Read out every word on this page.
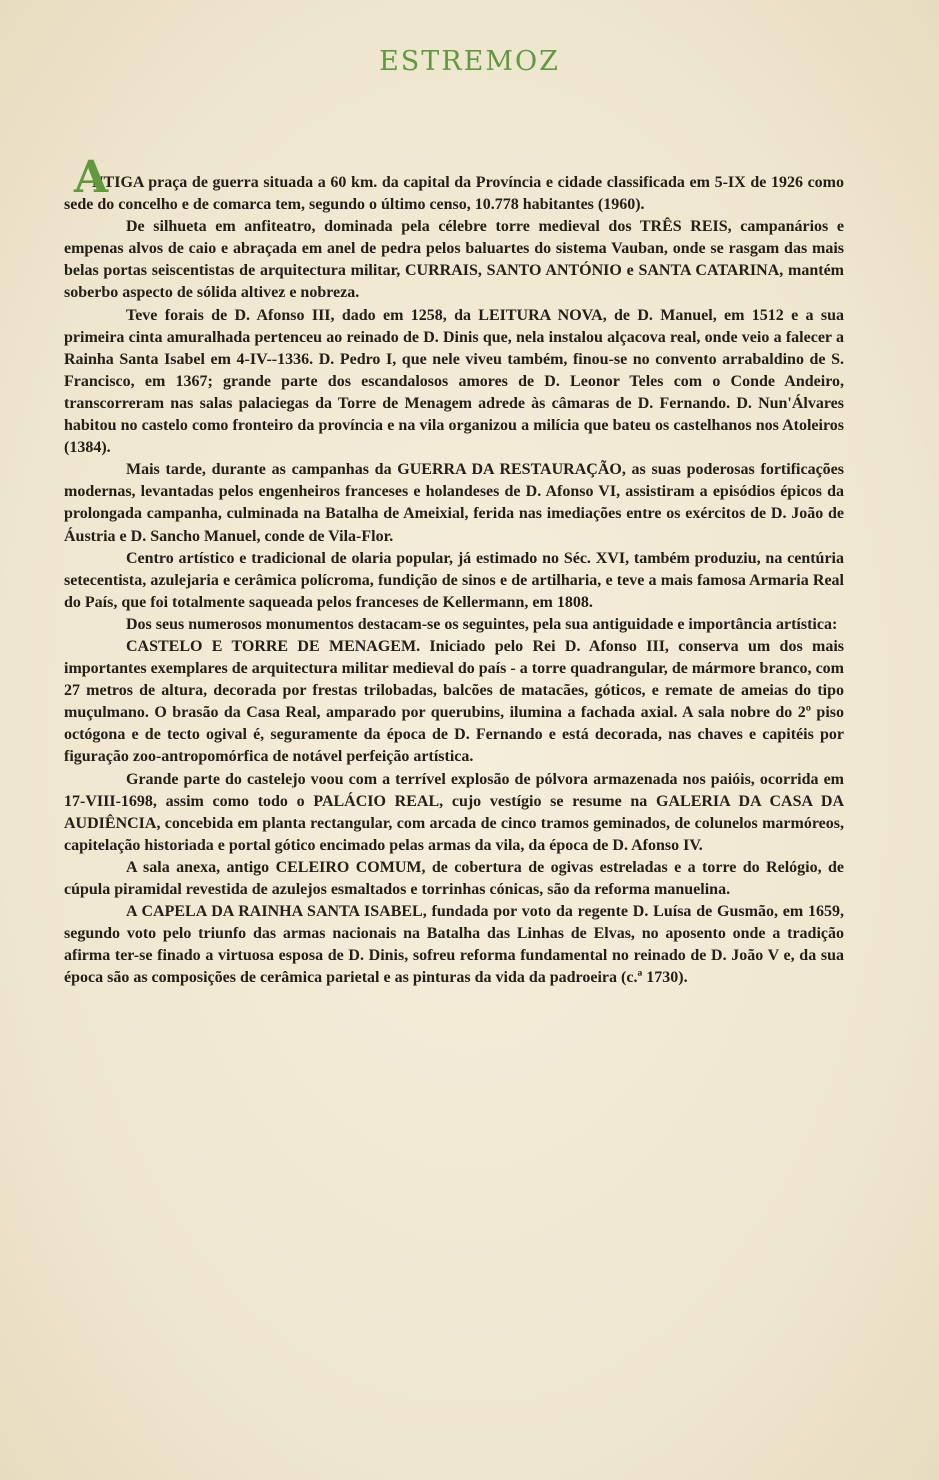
ESTREMOZ
A

NTIGA praça de guerra situada a 60 km. da capital da Província e cidade classificada em 5-IX de 1926 como sede do concelho e de comarca tem, segundo o último censo, 10.778 habitantes (1960).

De silhueta em anfiteatro, dominada pela célebre torre medieval dos TRÊS REIS, campanários e empenas alvos de caio e abraçada em anel de pedra pelos baluartes do sistema Vauban, onde se rasgam das mais belas portas seiscentistas de arquitectura militar, CURRAIS, SANTO ANTÓNIO e SANTA CATARINA, mantém soberbo aspecto de sólida altivez e nobreza.

Teve forais de D. Afonso III, dado em 1258, da LEITURA NOVA, de D. Manuel, em 1512 e a sua primeira cinta amuralhada pertenceu ao reinado de D. Dinis que, nela instalou alçacova real, onde veio a falecer a Rainha Santa Isabel em 4-IV--1336. D. Pedro I, que nele viveu também, finou-se no convento arrabaldino de S. Francisco, em 1367; grande parte dos escandalosos amores de D. Leonor Teles com o Conde Andeiro, transcorreram nas salas palaciegas da Torre de Menagem adrede às câmaras de D. Fernando. D. Nun'Álvares habitou no castelo como fronteiro da província e na vila organizou a milícia que bateu os castelhanos nos Atoleiros (1384).

Mais tarde, durante as campanhas da GUERRA DA RESTAURAÇÃO, as suas poderosas fortificações modernas, levantadas pelos engenheiros franceses e holandeses de D. Afonso VI, assistiram a episódios épicos da prolongada campanha, culminada na Batalha de Ameixial, ferida nas imediações entre os exércitos de D. João de Áustria e D. Sancho Manuel, conde de Vila-Flor.

Centro artístico e tradicional de olaria popular, já estimado no Séc. XVI, também produziu, na centúria setecentista, azulejaria e cerâmica polícroma, fundição de sinos e de artilharia, e teve a mais famosa Armaria Real do País, que foi totalmente saqueada pelos franceses de Kellermann, em 1808.

Dos seus numerosos monumentos destacam-se os seguintes, pela sua antiguidade e importância artística:

CASTELO E TORRE DE MENAGEM. Iniciado pelo Rei D. Afonso III, conserva um dos mais importantes exemplares de arquitectura militar medieval do país - a torre quadrangular, de mármore branco, com 27 metros de altura, decorada por frestas trilobadas, balcões de matacães, góticos, e remate de ameias do tipo muçulmano. O brasão da Casa Real, amparado por querubins, ilumina a fachada axial. A sala nobre do 2º piso octógona e de tecto ogival é, seguramente da época de D. Fernando e está decorada, nas chaves e capitéis por figuração zoo-antropomórfica de notável perfeição artística.

Grande parte do castelejo voou com a terrível explosão de pólvora armazenada nos paióis, ocorrida em 17-VIII-1698, assim como todo o PALÁCIO REAL, cujo vestígio se resume na GALERIA DA CASA DA AUDIÊNCIA, concebida em planta rectangular, com arcada de cinco tramos geminados, de colunelos marmóreos, capitelação historiada e portal gótico encimado pelas armas da vila, da época de D. Afonso IV.

A sala anexa, antigo CELEIRO COMUM, de cobertura de ogivas estreladas e a torre do Relógio, de cúpula piramidal revestida de azulejos esmaltados e torrinhas cónicas, são da reforma manuelina.

A CAPELA DA RAINHA SANTA ISABEL, fundada por voto da regente D. Luísa de Gusmão, em 1659, segundo voto pelo triunfo das armas nacionais na Batalha das Linhas de Elvas, no aposento onde a tradição afirma ter-se finado a virtuosa esposa de D. Dinis, sofreu reforma fundamental no reinado de D. João V e, da sua época são as composições de cerâmica parietal e as pinturas da vida da padroeira (c.ª 1730).
